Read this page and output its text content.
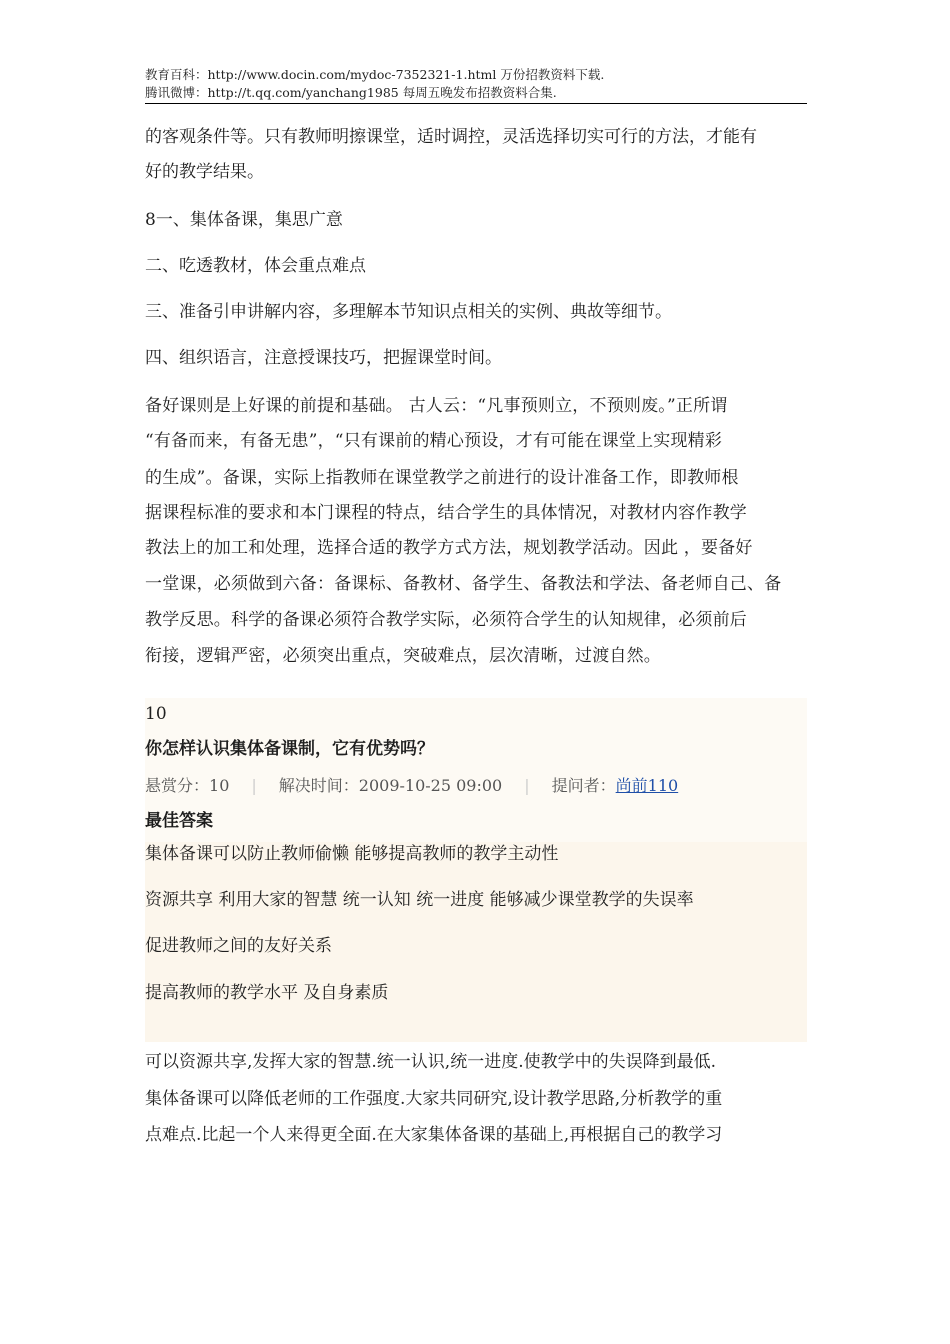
教育百科：http://www.docin.com/mydoc-7352321-1.html 万份招教资料下载.
腾讯微博：http://t.qq.com/yanchang1985 每周五晚发布招教资料合集.
的客观条件等。只有教师明擦课堂，适时调控，灵活选择切实可行的方法，才能有
好的教学结果。
8一、集体备课，集思广意
二、吃透教材，体会重点难点
三、准备引申讲解内容，多理解本节知识点相关的实例、典故等细节。
四、组织语言，注意授课技巧，把握课堂时间。
备好课则是上好课的前提和基础。 古人云：“凡事预则立，不预则废。”正所谓
“有备而来，有备无患”，“只有课前的精心预设，才有可能在课堂上实现精彩
的生成”。备课，实际上指教师在课堂教学之前进行的设计准备工作，即教师根
据课程标准的要求和本门课程的特点，结合学生的具体情况，对教材内容作教学
教法上的加工和处理，选择合适的教学方式方法，规划教学活动。因此 ，要备好
一堂课，必须做到六备：备课标、备教材、备学生、备教法和学法、备老师自己、备
教学反思。科学的备课必须符合教学实际，必须符合学生的认知规律，必须前后
衔接，逻辑严密，必须突出重点，突破难点，层次清晰，过渡自然。
10
你怎样认识集体备课制，它有优势吗？
悬赏分：10 | 解决时间：2009-10-25 09:00 | 提问者：尚前110
最佳答案
集体备课可以防止教师偷懒 能够提高教师的教学主动性
资源共享 利用大家的智慧 统一认知 统一进度 能够减少课堂教学的失误率
促进教师之间的友好关系
提高教师的教学水平 及自身素质
可以资源共享,发挥大家的智慧.统一认识,统一进度.使教学中的失误降到最低.
集体备课可以降低老师的工作强度.大家共同研究,设计教学思路,分析教学的重
点难点.比起一个人来得更全面.在大家集体备课的基础上,再根据自己的教学习
